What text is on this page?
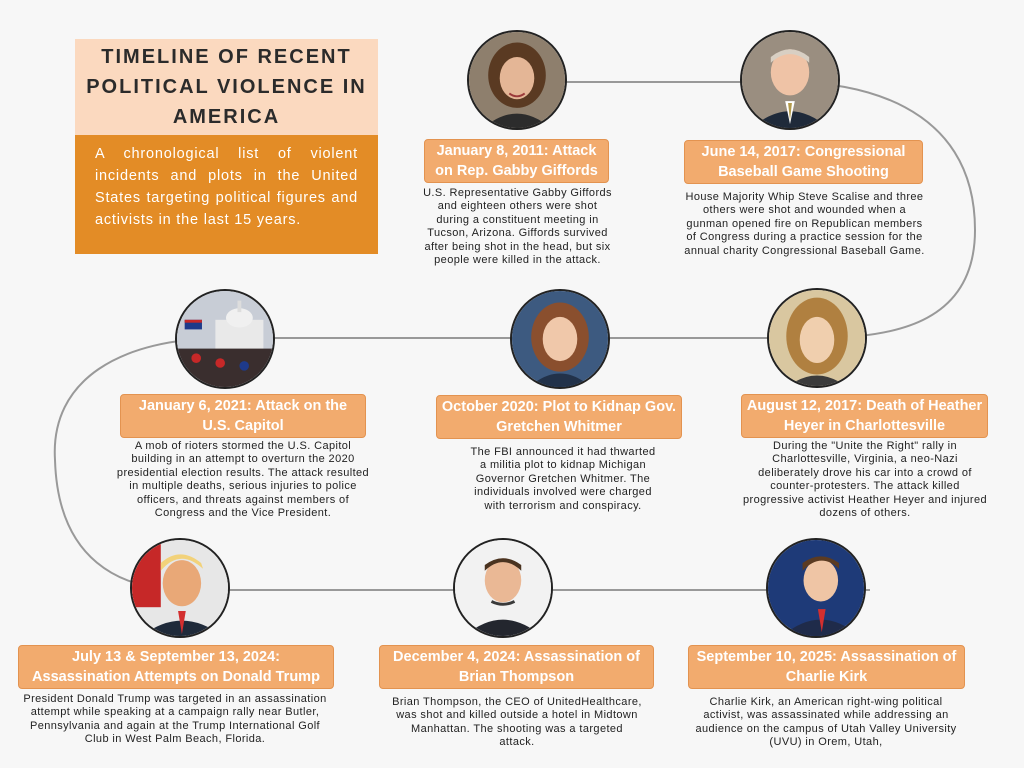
TIMELINE OF RECENT POLITICAL VIOLENCE IN AMERICA
A chronological list of violent incidents and plots in the United States targeting political figures and activists in the last 15 years.
January 8, 2011: Attack on Rep. Gabby Giffords
U.S. Representative Gabby Giffords and eighteen others were shot during a constituent meeting in Tucson, Arizona. Giffords survived after being shot in the head, but six people were killed in the attack.
June 14, 2017: Congressional Baseball Game Shooting
House Majority Whip Steve Scalise and three others were shot and wounded when a gunman opened fire on Republican members of Congress during a practice session for the annual charity Congressional Baseball Game.
August 12, 2017: Death of Heather Heyer in Charlottesville
During the "Unite the Right" rally in Charlottesville, Virginia, a neo-Nazi deliberately drove his car into a crowd of counter-protesters. The attack killed progressive activist Heather Heyer and injured dozens of others.
October 2020: Plot to Kidnap Gov. Gretchen Whitmer
The FBI announced it had thwarted a militia plot to kidnap Michigan Governor Gretchen Whitmer. The individuals involved were charged with terrorism and conspiracy.
January 6, 2021: Attack on the U.S. Capitol
A mob of rioters stormed the U.S. Capitol building in an attempt to overturn the 2020 presidential election results. The attack resulted in multiple deaths, serious injuries to police officers, and threats against members of Congress and the Vice President.
July 13 & September 13, 2024: Assassination Attempts on Donald Trump
President Donald Trump was targeted in an assassination attempt while speaking at a campaign rally near Butler, Pennsylvania and again at the Trump International Golf Club in West Palm Beach, Florida.
December 4, 2024: Assassination of Brian Thompson
Brian Thompson, the CEO of UnitedHealthcare, was shot and killed outside a hotel in Midtown Manhattan. The shooting was a targeted attack.
September 10, 2025: Assassination of Charlie Kirk
Charlie Kirk, an American right-wing political activist, was assassinated while addressing an audience on the campus of Utah Valley University (UVU) in Orem, Utah,
